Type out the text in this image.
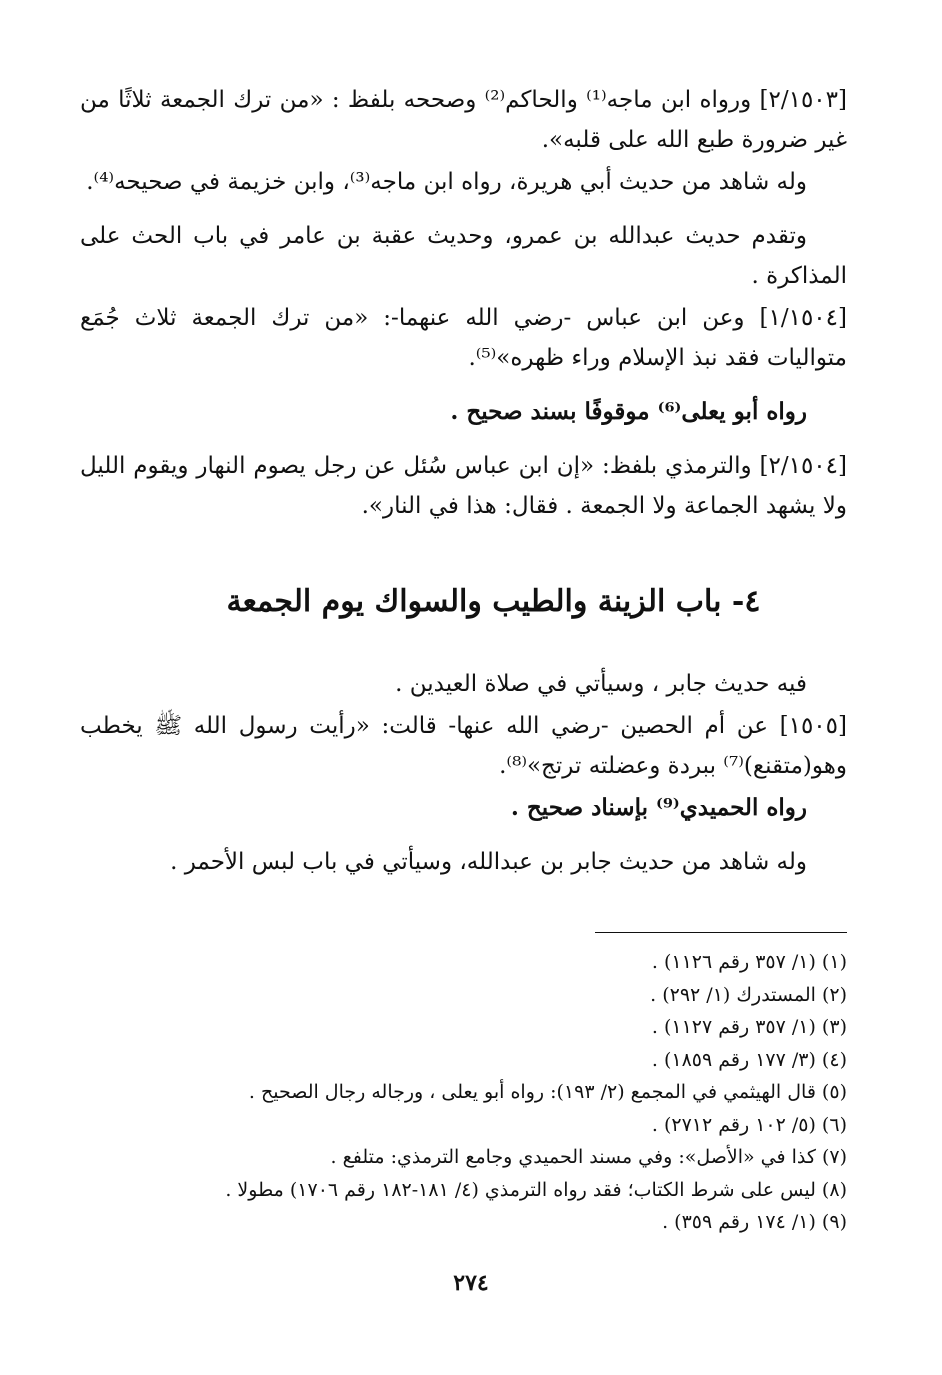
[٢/١٥٠٣] ورواه ابن ماجه⁽¹⁾ والحاكم⁽²⁾ وصححه بلفظ : «من ترك الجمعة ثلاثًا من غير ضرورة طبع الله على قلبه».

وله شاهد من حديث أبي هريرة، رواه ابن ماجه⁽³⁾، وابن خزيمة في صحيحه⁽⁴⁾.

وتقدم حديث عبدالله بن عمرو، وحديث عقبة بن عامر في باب الحث على المذاكرة .

[١/١٥٠٤] وعن ابن عباس -رضي الله عنهما-: «من ترك الجمعة ثلاث جُمَع متواليات فقد نبذ الإسلام وراء ظهره»⁽⁵⁾.

رواه أبو يعلى⁽⁶⁾ موقوفًا بسند صحيح .

[٢/١٥٠٤] والترمذي بلفظ: «إن ابن عباس سُئل عن رجل يصوم النهار ويقوم الليل ولا يشهد الجماعة ولا الجمعة . فقال: هذا في النار».

٤- باب الزينة والطيب والسواك يوم الجمعة

فيه حديث جابر ، وسيأتي في صلاة العيدين .

[١٥٠٥] عن أم الحصين -رضي الله عنها- قالت: «رأيت رسول الله ﷺ يخطب وهو(متقنع)⁽⁷⁾ ببردة وعضلته ترتج»⁽⁸⁾.

رواه الحميدي⁽⁹⁾ بإسناد صحيح .

وله شاهد من حديث جابر بن عبدالله، وسيأتي في باب لبس الأحمر .

(١) (١/ ٣٥٧ رقم ١١٢٦) .
(٢) المستدرك (١/ ٢٩٢) .
(٣) (١/ ٣٥٧ رقم ١١٢٧) .
(٤) (٣/ ١٧٧ رقم ١٨٥٩) .
(٥) قال الهيثمي في المجمع (٢/ ١٩٣): رواه أبو يعلى ، ورجاله رجال الصحيح .
(٦) (٥/ ١٠٢ رقم ٢٧١٢) .
(٧) كذا في «الأصل»: وفي مسند الحميدي وجامع الترمذي: متلفع .
(٨) ليس على شرط الكتاب؛ فقد رواه الترمذي (٤/ ١٨١-١٨٢ رقم ١٧٠٦) مطولا .
(٩) (١/ ١٧٤ رقم ٣٥٩) .
٢٧٤
